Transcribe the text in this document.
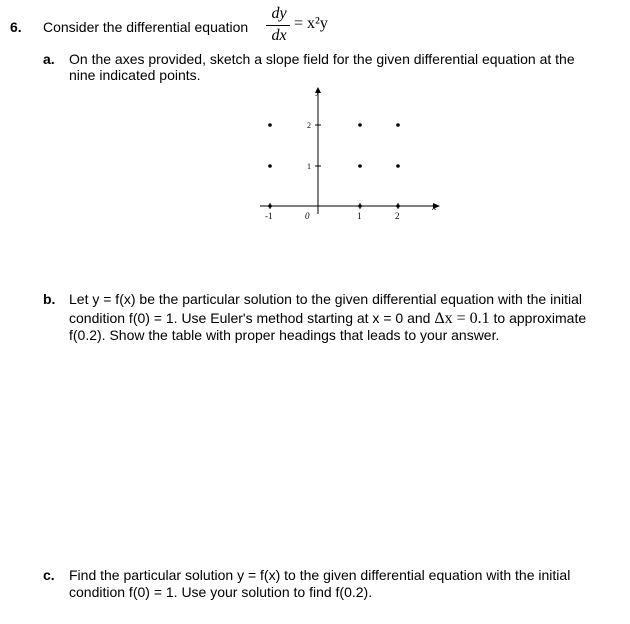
6. Consider the differential equation
dy
dx
= x²y
a. On the axes provided, sketch a slope field for the given differential equation at the nine indicated points.
y
x
-1	0	1	2
1
2
b. Let y = f(x) be the particular solution to the given differential equation with the initial
condition f(0) = 1. Use Euler's method starting at x = 0 and Δx = 0.1 to approximate
f(0.2). Show the table with proper headings that leads to your answer.
c. Find the particular solution y = f(x) to the given differential equation with the initial
condition f(0) = 1. Use your solution to find f(0.2).
